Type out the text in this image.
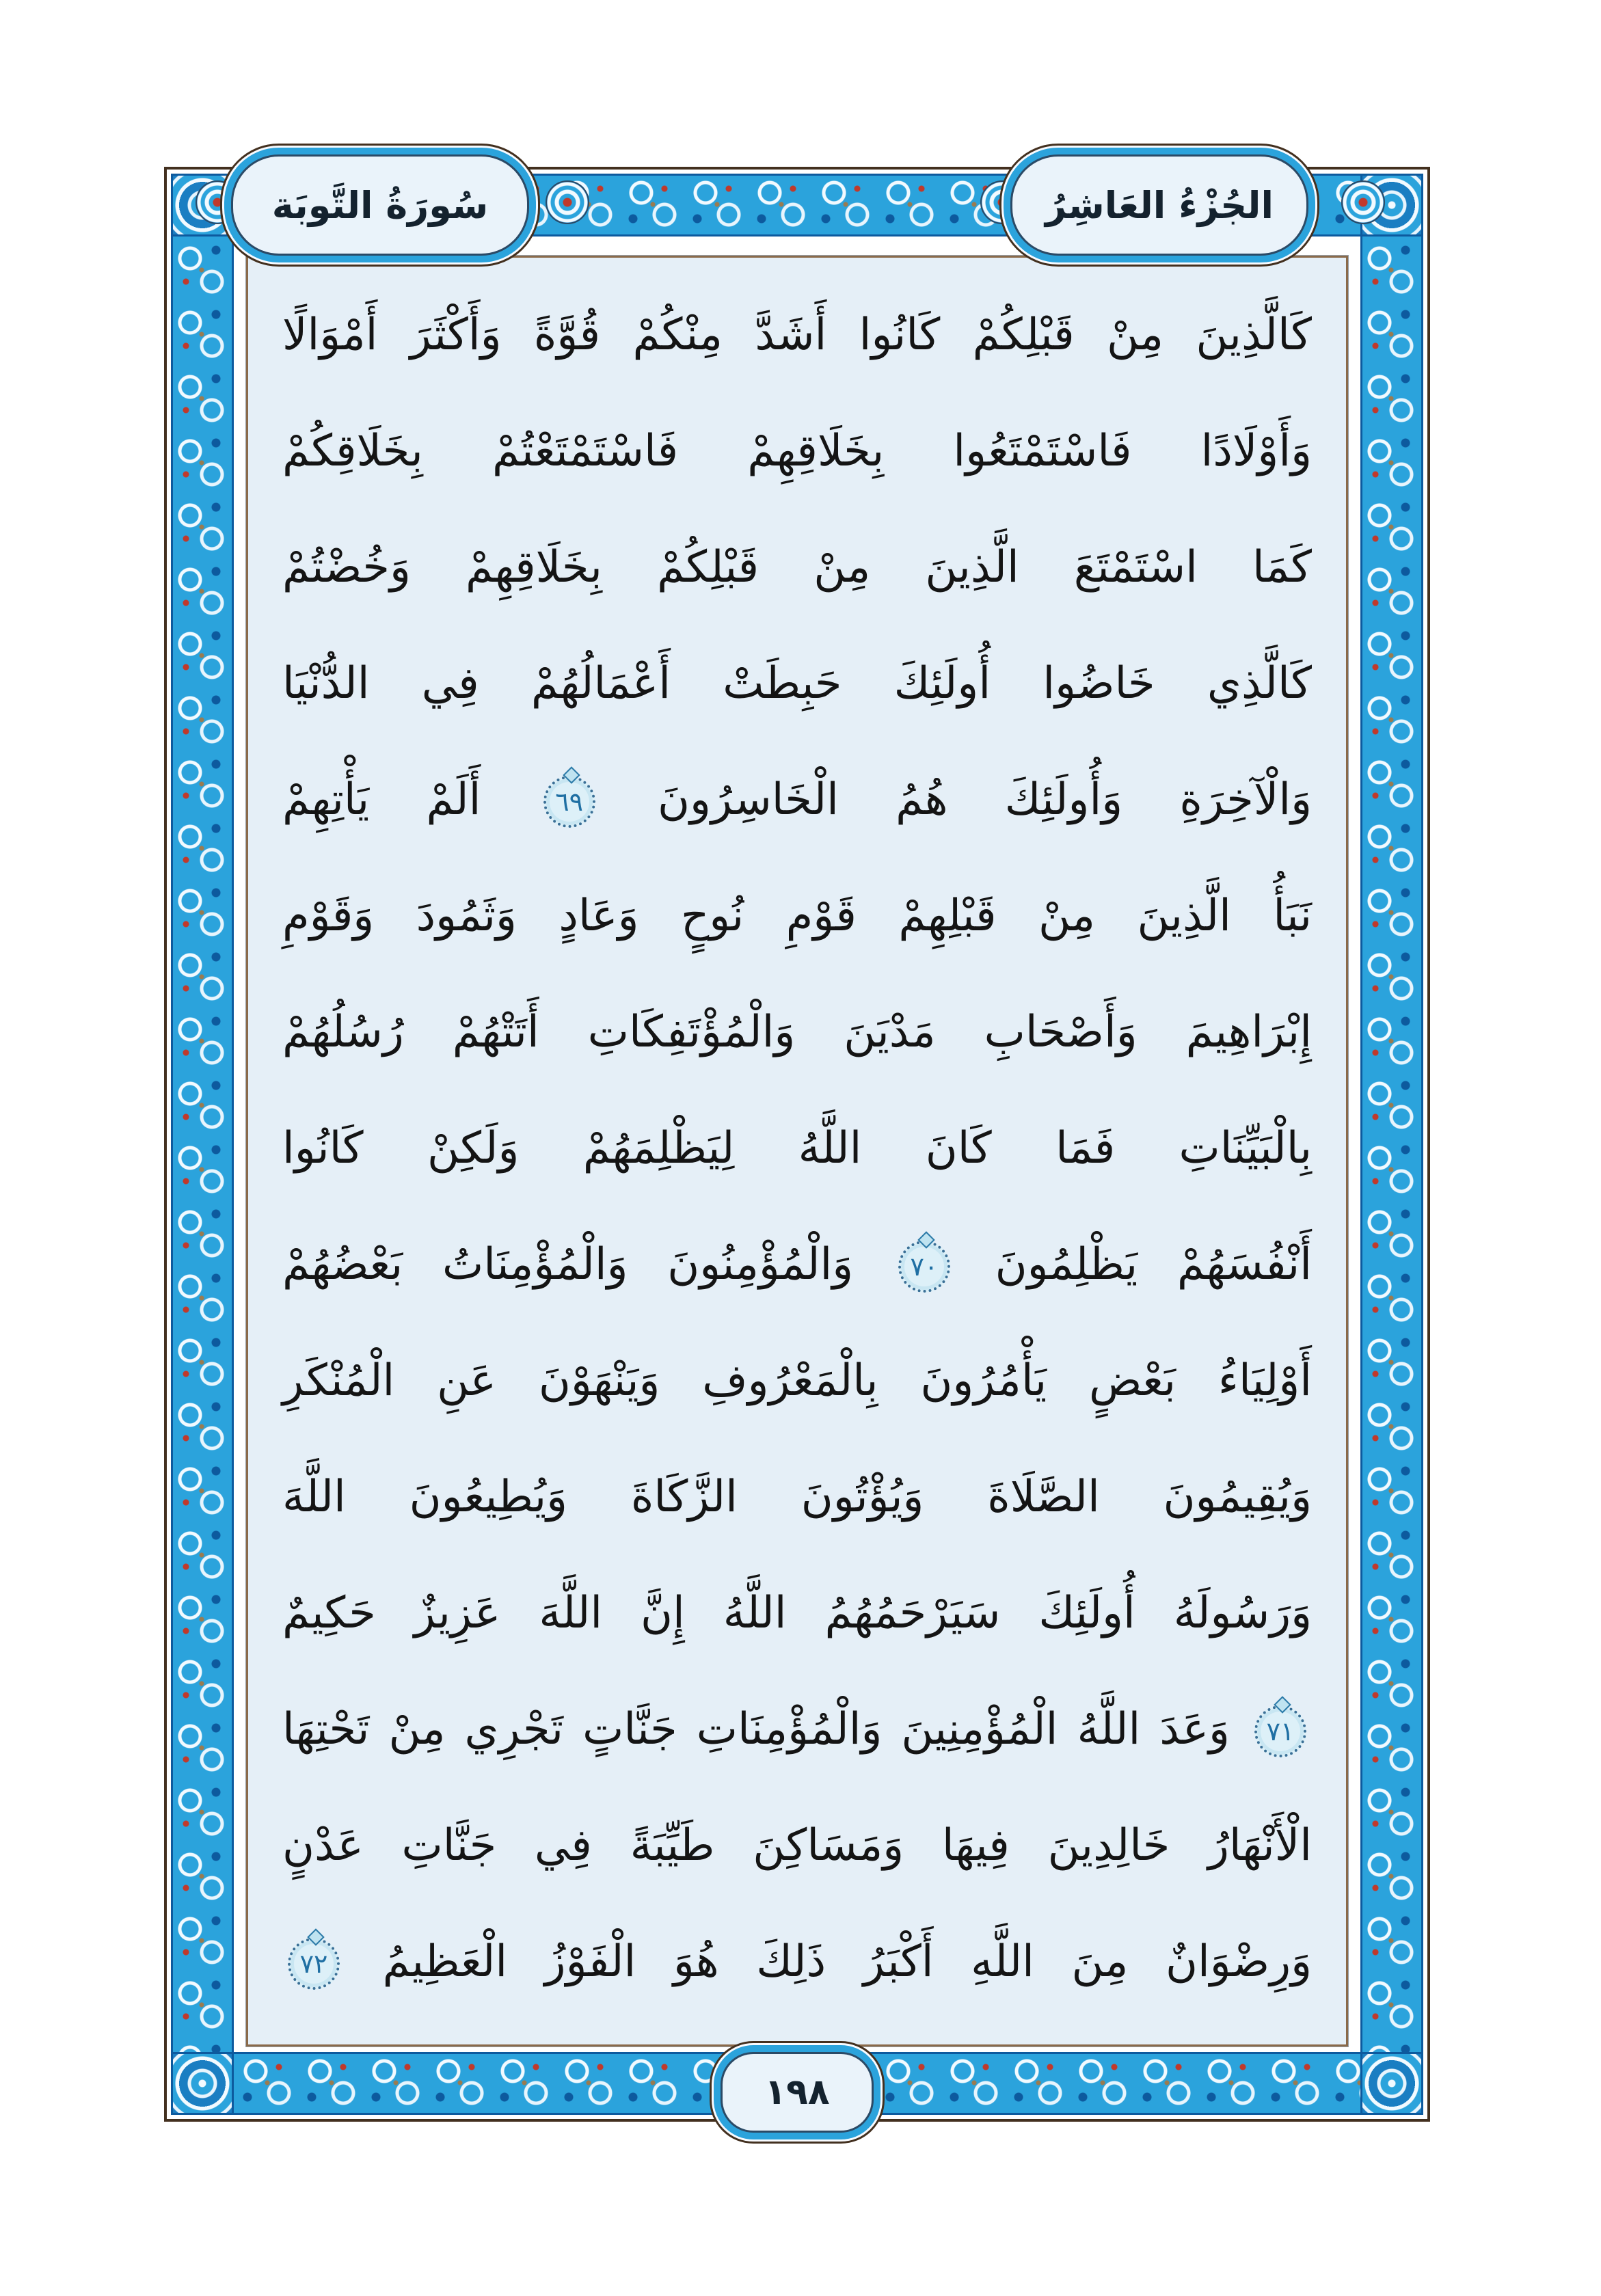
كَالَّذِينَ مِنْ قَبْلِكُمْ كَانُوا أَشَدَّ مِنْكُمْ قُوَّةً وَأَكْثَرَ أَمْوَالًا
وَأَوْلَادًا فَاسْتَمْتَعُوا بِخَلَاقِهِمْ فَاسْتَمْتَعْتُمْ بِخَلَاقِكُمْ
كَمَا اسْتَمْتَعَ الَّذِينَ مِنْ قَبْلِكُمْ بِخَلَاقِهِمْ وَخُضْتُمْ
كَالَّذِي خَاضُوا أُولَئِكَ حَبِطَتْ أَعْمَالُهُمْ فِي الدُّنْيَا
وَالْآخِرَةِ وَأُولَئِكَ هُمُ الْخَاسِرُونَ ٦٩ أَلَمْ يَأْتِهِمْ
نَبَأُ الَّذِينَ مِنْ قَبْلِهِمْ قَوْمِ نُوحٍ وَعَادٍ وَثَمُودَ وَقَوْمِ
إِبْرَاهِيمَ وَأَصْحَابِ مَدْيَنَ وَالْمُؤْتَفِكَاتِ أَتَتْهُمْ رُسُلُهُمْ
بِالْبَيِّنَاتِ فَمَا كَانَ اللَّهُ لِيَظْلِمَهُمْ وَلَكِنْ كَانُوا
أَنْفُسَهُمْ يَظْلِمُونَ ٧٠ وَالْمُؤْمِنُونَ وَالْمُؤْمِنَاتُ بَعْضُهُمْ
أَوْلِيَاءُ بَعْضٍ يَأْمُرُونَ بِالْمَعْرُوفِ وَيَنْهَوْنَ عَنِ الْمُنْكَرِ
وَيُقِيمُونَ الصَّلَاةَ وَيُؤْتُونَ الزَّكَاةَ وَيُطِيعُونَ اللَّهَ
وَرَسُولَهُ أُولَئِكَ سَيَرْحَمُهُمُ اللَّهُ إِنَّ اللَّهَ عَزِيزٌ حَكِيمٌ
٧١ وَعَدَ اللَّهُ الْمُؤْمِنِينَ وَالْمُؤْمِنَاتِ جَنَّاتٍ تَجْرِي مِنْ تَحْتِهَا
الْأَنْهَارُ خَالِدِينَ فِيهَا وَمَسَاكِنَ طَيِّبَةً فِي جَنَّاتِ عَدْنٍ
وَرِضْوَانٌ مِنَ اللَّهِ أَكْبَرُ ذَلِكَ هُوَ الْفَوْزُ الْعَظِيمُ ٧٢
سُورَةُ التَّوبَة	الجُزْءُ العَاشِرُ
١٩٨
